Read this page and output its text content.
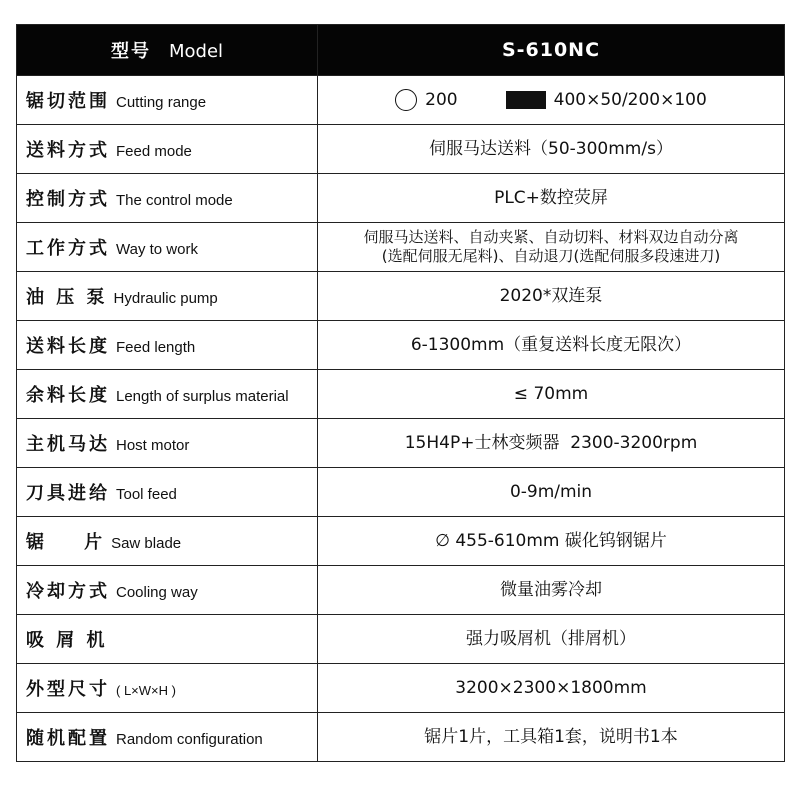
型号 Model	S-610NC
锯切范围 Cutting range	200 400×50/200×100

送料方式 Feed mode	伺服马达送料（50-300mm/s）
控制方式 The control mode	PLC+数控荧屏
工作方式 Way to work	伺服马达送料、自动夹紧、自动切料、材料双边自动分离
(选配伺服无尾料)、自动退刀(选配伺服多段速进刀)

油 压 泵 Hydraulic pump	2020*双连泵
送料长度 Feed length	6-1300mm（重复送料长度无限次）
余料长度 Length of surplus material	≤ 70mm
主机马达 Host motor	15H4P+士林变频器  2300-3200rpm
刀具进给 Tool feed	0-9m/min
锯    片 Saw blade	∅ 455-610mm 碳化钨钢锯片
冷却方式 Cooling way	微量油雾冷却
吸 屑 机	强力吸屑机（排屑机）
外型尺寸 ( L×W×H )	3200×2300×1800mm
随机配置 Random configuration	锯片1片，工具箱1套，说明书1本
